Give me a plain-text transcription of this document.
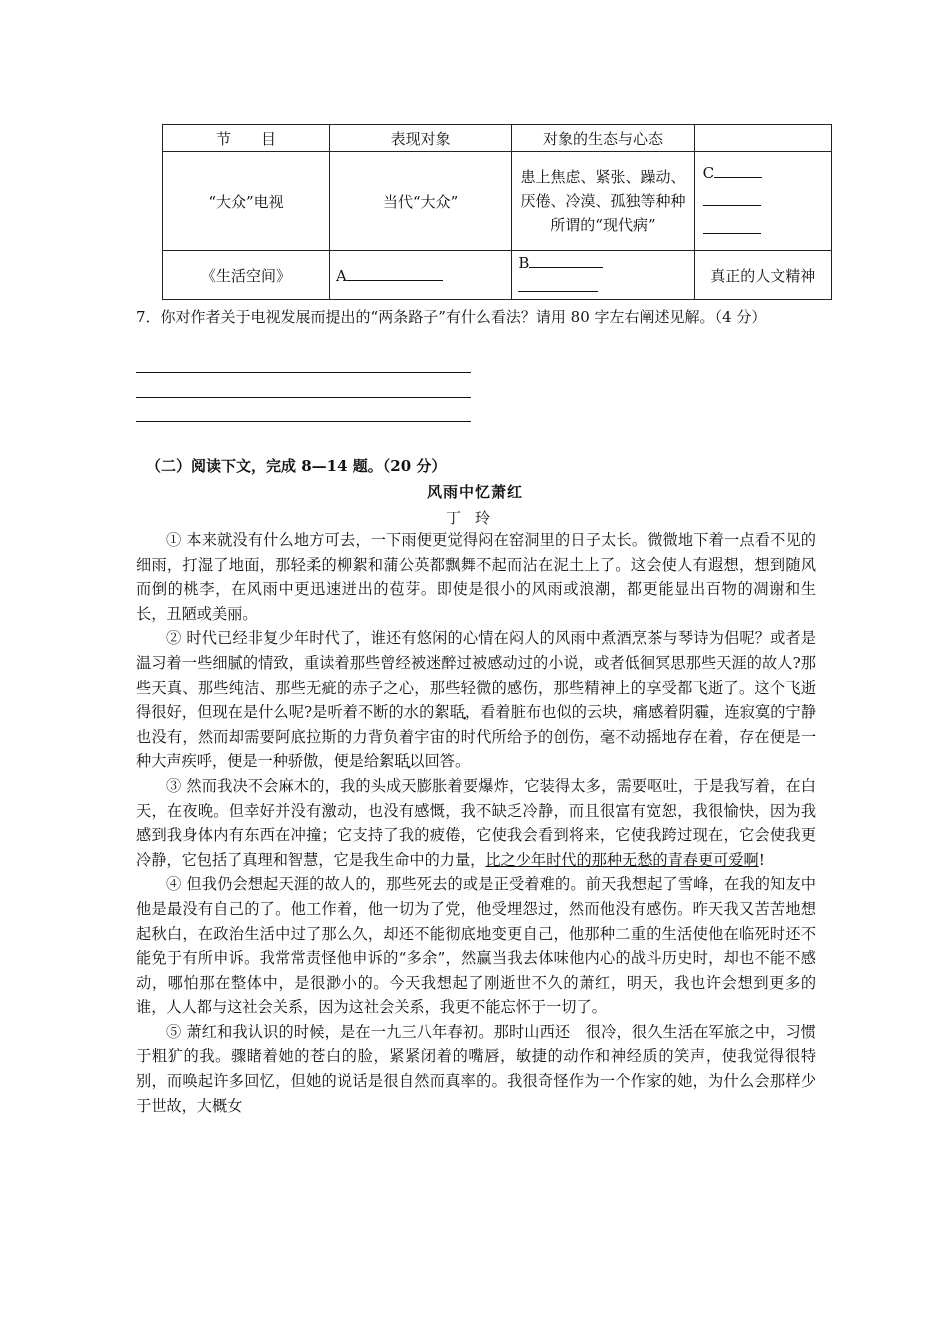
节　　目	表现对象	对象的生态与心态	
“大众”电视	当代“大众”	患上焦虑、紧张、躁动、厌倦、冷漠、孤独等种种所谓的“现代病”	C

《生活空间》	A	B	真正的人文精神
7．你对作者关于电视发展而提出的“两条路子”有什么看法？请用 80 字左右阐述见解。（4 分）
（二）阅读下文，完成 8—14 题。（20 分）
风雨中忆萧红
丁玲

① 本来就没有什么地方可去，一下雨便更觉得闷在窑洞里的日子太长。微微地下着一点看不见的细雨，打湿了地面，那轻柔的柳絮和蒲公英都飘舞不起而沾在泥土上了。这会使人有遐想，想到随风而倒的桃李，在风雨中更迅速迸出的苞芽。即使是很小的风雨或浪潮，都更能显出百物的凋谢和生长，丑陋或美丽。

② 时代已经非复少年时代了，谁还有悠闲的心情在闷人的风雨中煮酒烹茶与琴诗为侣呢？或者是温习着一些细腻的情致，重读着那些曾经被迷醉过被感动过的小说，或者低徊冥思那些天涯的故人?那些天真、那些纯洁、那些无疵的赤子之心，那些轻微的感伤，那些精神上的享受都飞逝了。这个飞逝得很好，但现在是什么呢?是听着不断的水的絮聒，看着脏布也似的云块，痛感着阴霾，连寂寞的宁静也没有，然而却需要阿底拉斯的力背负着宇宙的时代所给予的创伤，毫不动摇地存在着，存在便是一种大声疾呼，便是一种骄傲，便是给絮聒以回答。

③ 然而我决不会麻木的，我的头成天膨胀着要爆炸，它装得太多，需要呕吐，于是我写着，在白天，在夜晚。但幸好并没有激动，也没有感慨，我不缺乏冷静，而且很富有宽恕，我很愉快，因为我感到我身体内有东西在冲撞；它支持了我的疲倦，它使我会看到将来，它使我跨过现在，它会使我更冷静，它包括了真理和智慧，它是我生命中的力量，比之少年时代的那种无愁的青春更可爱啊!

④ 但我仍会想起天涯的故人的，那些死去的或是正受着难的。前天我想起了雪峰，在我的知友中他是最没有自己的了。他工作着，他一切为了党，他受埋怨过，然而他没有感伤。昨天我又苦苦地想起秋白，在政治生活中过了那么久，却还不能彻底地变更自己，他那种二重的生活使他在临死时还不能免于有所申诉。我常常责怪他申诉的“多余”，然赢当我去体味他内心的战斗历史时，却也不能不感动，哪怕那在整体中，是很渺小的。今天我想起了刚逝世不久的萧红，明天，我也许会想到更多的谁，人人都与这社会关系，因为这社会关系，我更不能忘怀于一切了。

⑤ 萧红和我认识的时候，是在一九三八年春初。那时山西还　很冷，很久生活在军旅之中，习惯于粗犷的我。骤睹着她的苍白的脸，紧紧闭着的嘴唇，敏捷的动作和神经质的笑声，使我觉得很特别，而唤起许多回忆，但她的说话是很自然而真率的。我很奇怪作为一个作家的她，为什么会那样少于世故，大概女
